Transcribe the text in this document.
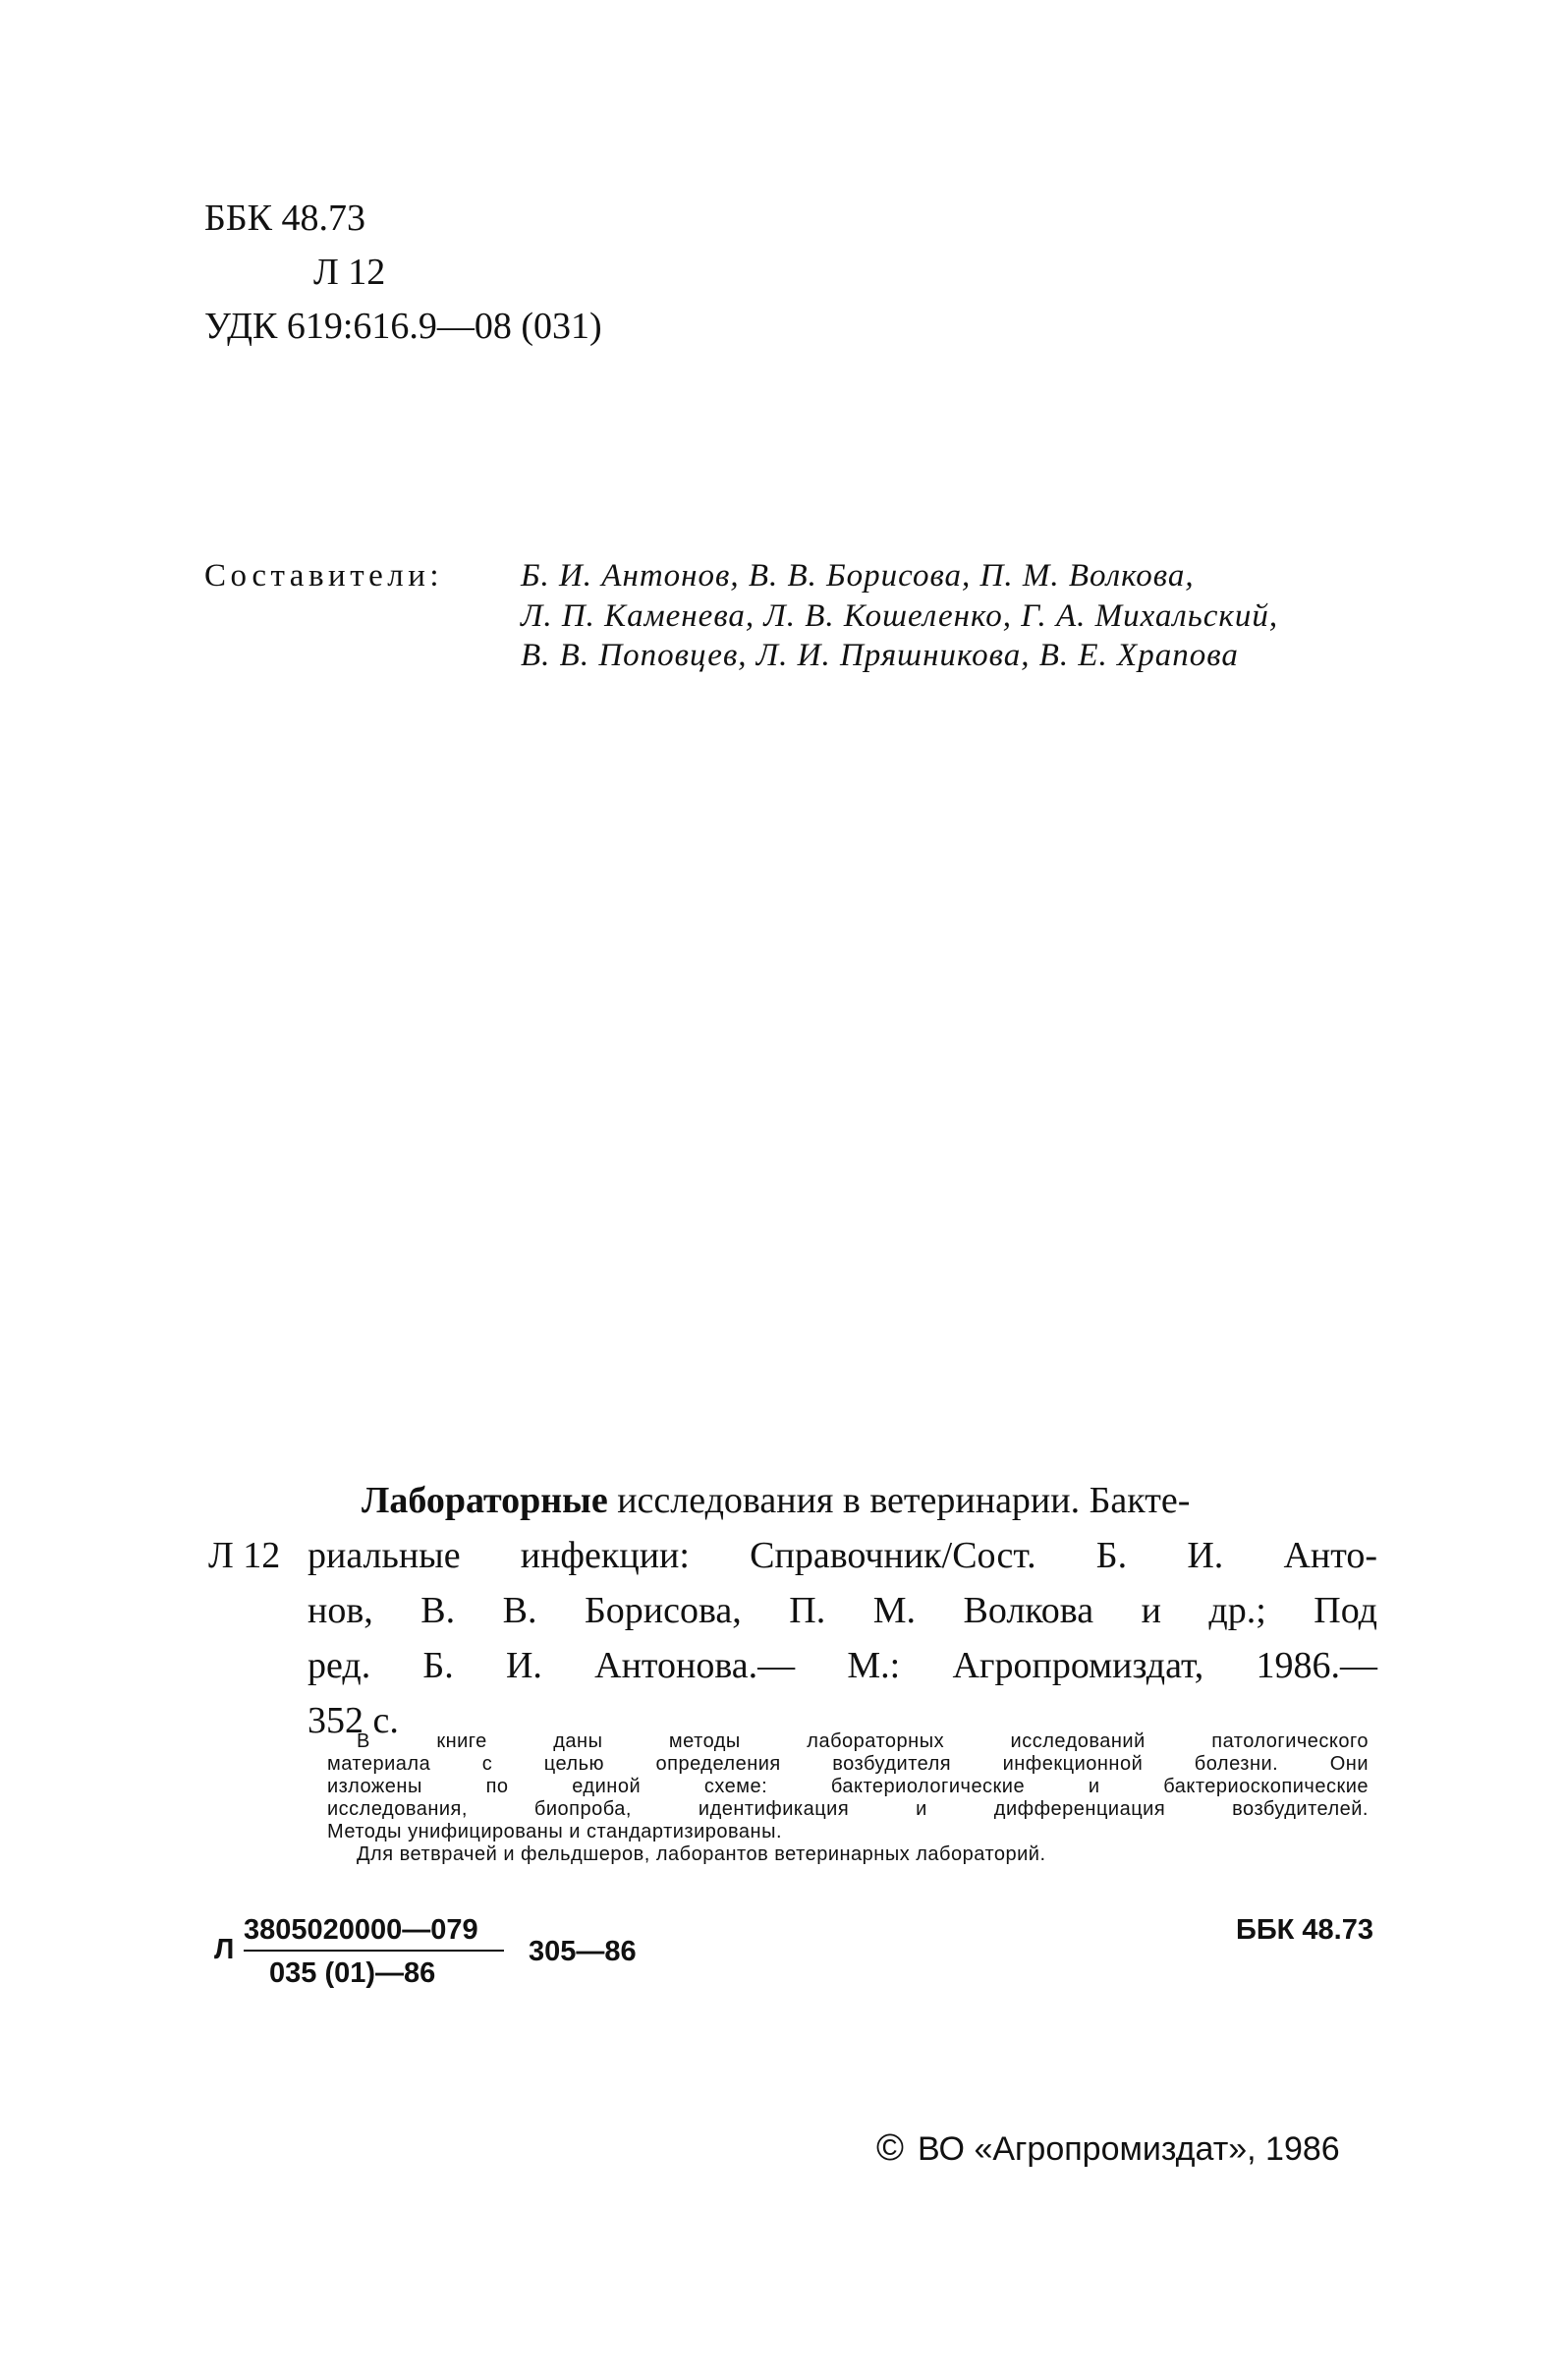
ББК 48.73
Л 12
УДК 619:616.9—08 (031)
Составители: Б. И. Антонов, В. В. Борисова, П. М. Волкова,
Л. П. Каменева, Л. В. Кошеленко, Г. А. Михальский,
В. В. Поповцев, Л. И. Пряшникова, В. Е. Храпова
Л 12
Лабораторные исследования в ветеринарии. Бакте-
риальные инфекции: Справочник/Сост. Б. И. Анто-
нов, В. В. Борисова, П. М. Волкова и др.; Под
ред. Б. И. Антонова.— М.: Агропромиздат, 1986.—
352 с.
В книге даны методы лабораторных исследований патологического
материала с целью определения возбудителя инфекционной болезни. Они
изложены по единой схеме: бактериологические и бактериоскопические
исследования, биопроба, идентификация и дифференциация возбудителей.
Методы унифицированы и стандартизированы.
Для ветврачей и фельдшеров, лаборантов ветеринарных лабораторий.
Л
3805020000—079
035 (01)—86
305—86
ББК 48.73
© ВО «Агропромиздат», 1986
